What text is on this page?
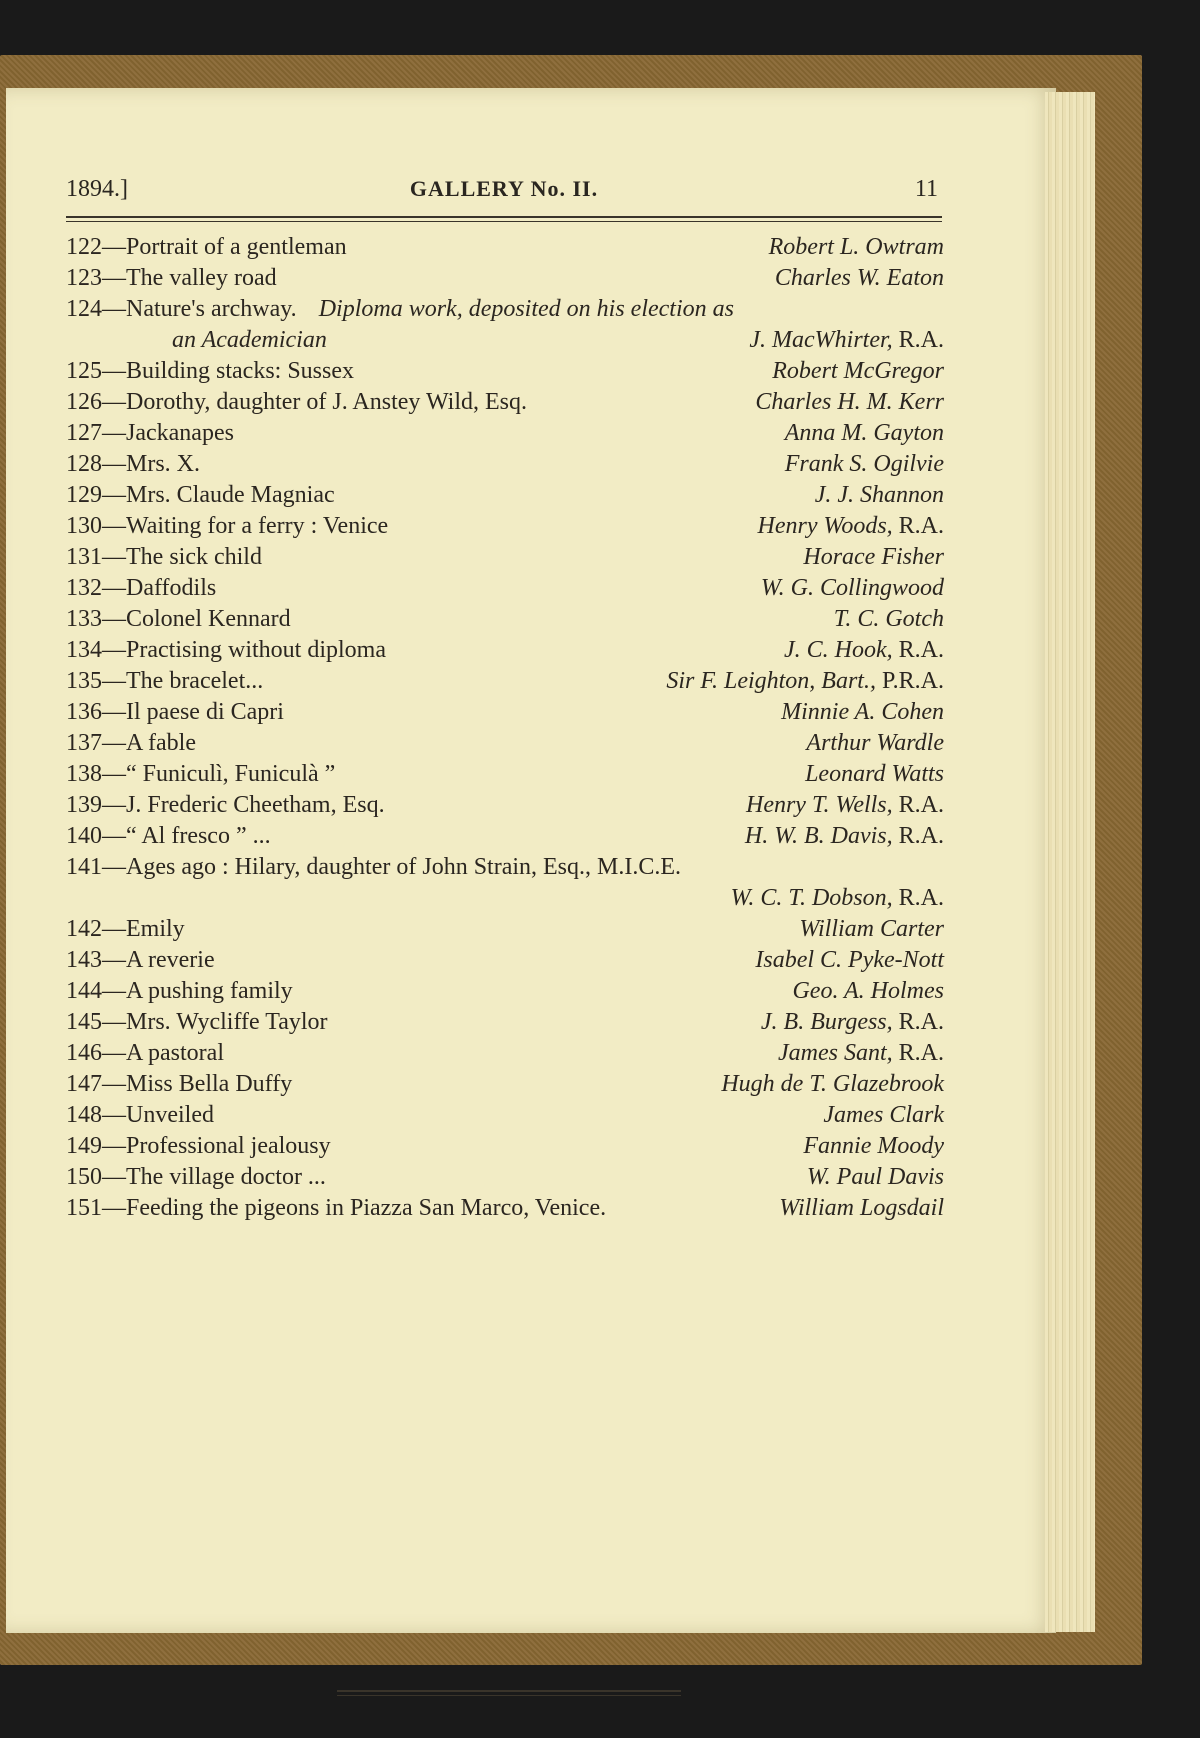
1894.]	GALLERY No. II.	11
122—Portrait of a gentleman	Robert L. Owtram
123—The valley road	Charles W. Eaton
124—Nature's archway. Diploma work, deposited on his election as
an Academician	J. MacWhirter, R.A.
125—Building stacks: Sussex	Robert McGregor
126—Dorothy, daughter of J. Anstey Wild, Esq.	Charles H. M. Kerr
127—Jackanapes	Anna M. Gayton
128—Mrs. X.	Frank S. Ogilvie
129—Mrs. Claude Magniac	J. J. Shannon
130—Waiting for a ferry : Venice	Henry Woods, R.A.
131—The sick child	Horace Fisher
132—Daffodils	W. G. Collingwood
133—Colonel Kennard	T. C. Gotch
134—Practising without diploma	J. C. Hook, R.A.
135—The bracelet...	Sir F. Leighton, Bart., P.R.A.
136—Il paese di Capri	Minnie A. Cohen
137—A fable	Arthur Wardle
138—“ Funiculì, Funiculà ”	Leonard Watts
139—J. Frederic Cheetham, Esq.	Henry T. Wells, R.A.
140—“ Al fresco ” ...	H. W. B. Davis, R.A.
141—Ages ago : Hilary, daughter of John Strain, Esq., M.I.C.E.
W. C. T. Dobson, R.A.
142—Emily	William Carter
143—A reverie	Isabel C. Pyke-Nott
144—A pushing family	Geo. A. Holmes
145—Mrs. Wycliffe Taylor	J. B. Burgess, R.A.
146—A pastoral	James Sant, R.A.
147—Miss Bella Duffy	Hugh de T. Glazebrook
148—Unveiled	James Clark
149—Professional jealousy	Fannie Moody
150—The village doctor ...	W. Paul Davis
151—Feeding the pigeons in Piazza San Marco, Venice.	William Logsdail
